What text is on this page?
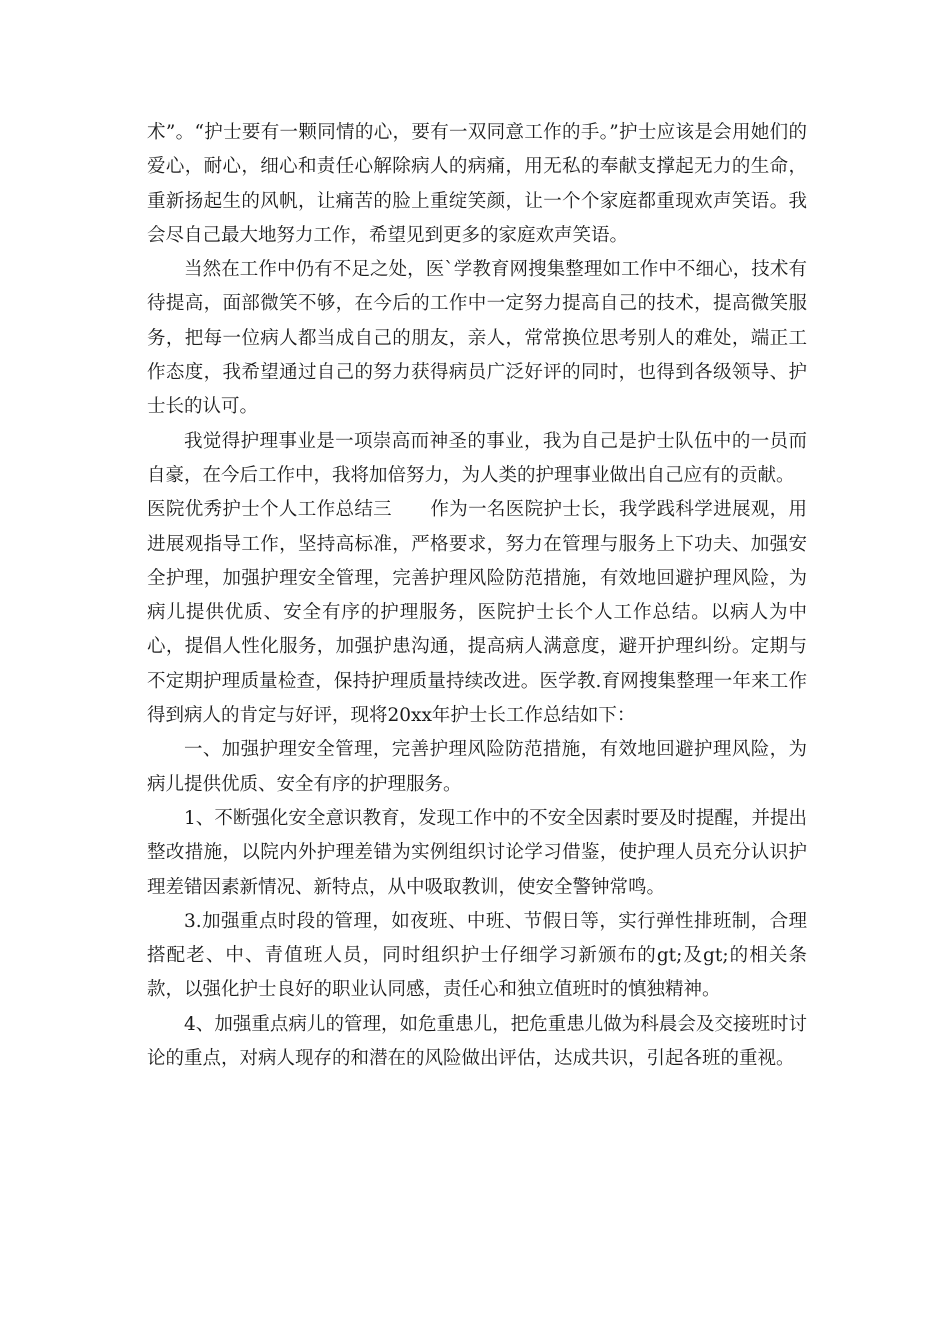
术”。“护士要有一颗同情的心，要有一双同意工作的手。”护士应该是会用她们的爱心，耐心，细心和责任心解除病人的病痛，用无私的奉献支撑起无力的生命，重新扬起生的风帆，让痛苦的脸上重绽笑颜，让一个个家庭都重现欢声笑语。我会尽自己最大地努力工作，希望见到更多的家庭欢声笑语。

当然在工作中仍有不足之处，医`学教育网搜集整理如工作中不细心，技术有待提高，面部微笑不够，在今后的工作中一定努力提高自己的技术，提高微笑服务，把每一位病人都当成自己的朋友，亲人，常常换位思考别人的难处，端正工作态度，我希望通过自己的努力获得病员广泛好评的同时，也得到各级领导、护士长的认可。

我觉得护理事业是一项崇高而神圣的事业，我为自己是护士队伍中的一员而自豪，在今后工作中，我将加倍努力，为人类的护理事业做出自己应有的贡献。

医院优秀护士个人工作总结三 作为一名医院护士长，我学践科学进展观，用进展观指导工作，坚持高标准，严格要求，努力在管理与服务上下功夫、加强安全护理，加强护理安全管理，完善护理风险防范措施，有效地回避护理风险，为病儿提供优质、安全有序的护理服务，医院护士长个人工作总结。以病人为中心，提倡人性化服务，加强护患沟通，提高病人满意度，避开护理纠纷。定期与不定期护理质量检查，保持护理质量持续改进。医学教.育网搜集整理一年来工作得到病人的肯定与好评，现将20xx年护士长工作总结如下：

一、加强护理安全管理，完善护理风险防范措施，有效地回避护理风险，为病儿提供优质、安全有序的护理服务。

1、不断强化安全意识教育，发现工作中的不安全因素时要及时提醒，并提出整改措施，以院内外护理差错为实例组织讨论学习借鉴，使护理人员充分认识护理差错因素新情况、新特点，从中吸取教训，使安全警钟常鸣。

3.加强重点时段的管理，如夜班、中班、节假日等，实行弹性排班制，合理搭配老、中、青值班人员，同时组织护士仔细学习新颁布的gt;及gt;的相关条款，以强化护士良好的职业认同感，责任心和独立值班时的慎独精神。

4、加强重点病儿的管理，如危重患儿，把危重患儿做为科晨会及交接班时讨论的重点，对病人现存的和潜在的风险做出评估，达成共识，引起各班的重视。
